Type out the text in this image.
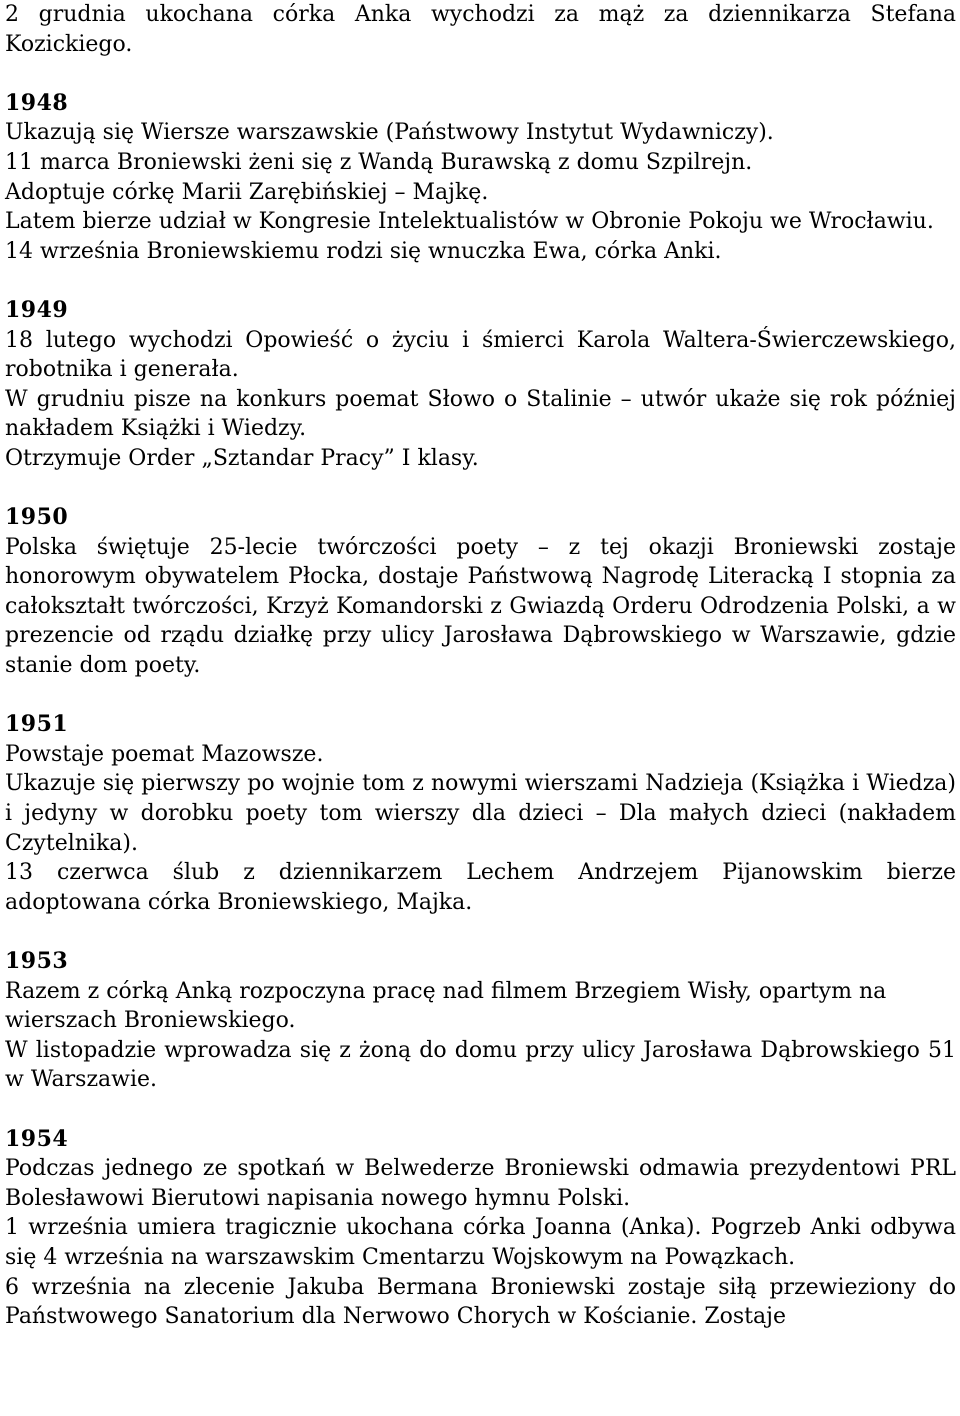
2 grudnia ukochana córka Anka wychodzi za mąż za dziennikarza Stefana Kozickiego.

1948

Ukazują się Wiersze warszawskie (Państwowy Instytut Wydawniczy).

11 marca Broniewski żeni się z Wandą Burawską z domu Szpilrejn.

Adoptuje córkę Marii Zarębińskiej – Majkę.

Latem bierze udział w Kongresie Intelektualistów w Obronie Pokoju we Wrocławiu.

14 września Broniewskiemu rodzi się wnuczka Ewa, córka Anki.

1949

18 lutego wychodzi Opowieść o życiu i śmierci Karola Waltera-Świerczewskiego, robotnika i generała.

W grudniu pisze na konkurs poemat Słowo o Stalinie – utwór ukaże się rok później nakładem Książki i Wiedzy.

Otrzymuje Order „Sztandar Pracy” I klasy.

1950

Polska świętuje 25-lecie twórczości poety – z tej okazji Broniewski zostaje honorowym obywatelem Płocka, dostaje Państwową Nagrodę Literacką I stopnia za całokształt twórczości, Krzyż Komandorski z Gwiazdą Orderu Odrodzenia Polski, a w prezencie od rządu działkę przy ulicy Jarosława Dąbrowskiego w Warszawie, gdzie stanie dom poety.

1951

Powstaje poemat Mazowsze.

Ukazuje się pierwszy po wojnie tom z nowymi wierszami Nadzieja (Książka i Wiedza) i jedyny w dorobku poety tom wierszy dla dzieci – Dla małych dzieci (nakładem Czytelnika).

13 czerwca ślub z dziennikarzem Lechem Andrzejem Pijanowskim bierze adoptowana córka Broniewskiego, Majka.

1953

Razem z córką Anką rozpoczyna pracę nad filmem Brzegiem Wisły, opartym na

wierszach Broniewskiego.

W listopadzie wprowadza się z żoną do domu przy ulicy Jarosława Dąbrowskiego 51 w Warszawie.

1954

Podczas jednego ze spotkań w Belwederze Broniewski odmawia prezydentowi PRL Bolesławowi Bierutowi napisania nowego hymnu Polski.

1 września umiera tragicznie ukochana córka Joanna (Anka). Pogrzeb Anki odbywa się 4 września na warszawskim Cmentarzu Wojskowym na Powązkach.

6 września na zlecenie Jakuba Bermana Broniewski zostaje siłą przewieziony do Państwowego Sanatorium dla Nerwowo Chorych w Kościanie. Zostaje
